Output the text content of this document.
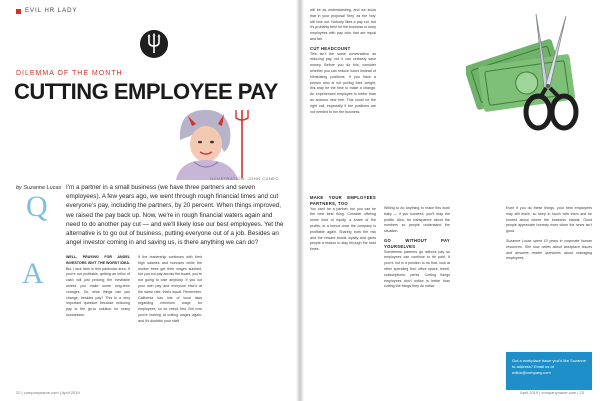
EVIL HR LADY
DILEMMA OF THE MONTH
CUTTING EMPLOYEE PAY
ILLUSTRATION: JOHN CUNEO
by Suzanne Lucas
Q
I'm a partner in a small business (we have three partners and seven employees). A few years ago, we went through rough financial times and cut everyone's pay, including the partners, by 20 percent. When things improved, we raised the pay back up. Now, we're in rough financial waters again and need to do another pay cut — and we'll likely lose our best employees. Yet the alternative is to go out of business, putting everyone out of a job. Besides an angel investor coming in and saving us, is there anything we can do?
A	WELL, PRAYING FOR ANGEL INVESTORS ISN'T THE WORST IDEA. But I lack faith in this particular area. If you're not profitable, getting an influx of cash will just prolong the inevitable unless you make some long-term changes. So, what things can you change, besides pay? This is a very important question because reducing pay is the go-to solution for many businesses.
If the leadership continues with their high salaries and bonuses while the worker bees get their wages slashed, but you cut pay across the board, you're not going to lose anybody. If you cut your own pay and everyone else's at the same rate, that's equal. Remember, California has lots of local laws regarding minimum wage for employees, so do check first. But now you're looking at cutting wages again, and it's doubtful your staff
22 | companyname.com | April 2019
will be as understanding, and we know that in your proposal 'they' as the 'boy' will lose out. Nobody likes a pay cut, but it's probably best for the business to keep employees with pay cuts that are equal and fair.
CUT HEADCOUNT
This isn't the same conversation as reducing pay, but it can certainly save money. Before you do this, consider whether you can reduce hours instead of eliminating positions. If you have a person who is not pulling their weight, this may be the time to make a change. An experienced employee is better than an anxious new hire. This could be the right call, especially if the positions are not needed to run the business.
MAKE YOUR EMPLOYEES PARTNERS, TOO
You can't be a partner, but you can be the next best thing. Consider offering some kind of equity, a share of the profits, or a bonus once the company is profitable again. Sharing both the risk and the reward builds loyalty and gives people a reason to stay through the hard times.
Willing to do anything to make this work baby — if you succeed, you'll reap the profits. Also, be transparent about the numbers so people understand the situation.
GO WITHOUT PAY YOURSELVES
Sometimes partners go without pay so employees can continue to be paid. If you're not in a position to do that, look at other spending first: office space, travel, subscriptions, perks. Cutting things employees don't notice is better than cutting the things they do notice.
Even if you do these things, your best employees may still leave, so keep in touch with them and be honest about where the business stands. Good people appreciate honesty even when the news isn't good.
Suzanne Lucas spent 10 years in corporate human resources. She now writes about workplace issues and answers reader questions about managing employees.
Got a workplace issue you'd like Suzanne to address? Email us at editor@company.com
April 2019 | companyname.com | 23
